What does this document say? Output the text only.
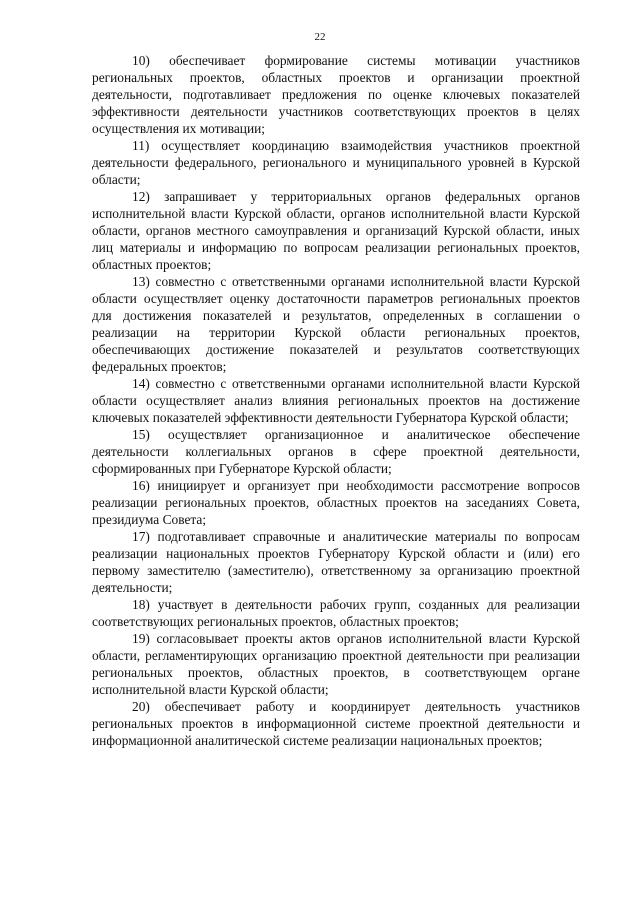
22

10) обеспечивает формирование системы мотивации участников региональных проектов, областных проектов и организации проектной деятельности, подготавливает предложения по оценке ключевых показателей эффективности деятельности участников соответствующих проектов в целях осуществления их мотивации;

11) осуществляет координацию взаимодействия участников проектной деятельности федерального, регионального и муниципального уровней в Курской области;

12) запрашивает у территориальных органов федеральных органов исполнительной власти Курской области, органов исполнительной власти Курской области, органов местного самоуправления и организаций Курской области, иных лиц материалы и информацию по вопросам реализации региональных проектов, областных проектов;

13) совместно с ответственными органами исполнительной власти Курской области осуществляет оценку достаточности параметров региональных проектов для достижения показателей и результатов, определенных в соглашении о реализации на территории Курской области региональных проектов, обеспечивающих достижение показателей и результатов соответствующих федеральных проектов;

14) совместно с ответственными органами исполнительной власти Курской области осуществляет анализ влияния региональных проектов на достижение ключевых показателей эффективности деятельности Губернатора Курской области;

15) осуществляет организационное и аналитическое обеспечение деятельности коллегиальных органов в сфере проектной деятельности, сформированных при Губернаторе Курской области;

16) инициирует и организует при необходимости рассмотрение вопросов реализации региональных проектов, областных проектов на заседаниях Совета, президиума Совета;

17) подготавливает справочные и аналитические материалы по вопросам реализации национальных проектов Губернатору Курской области и (или) его первому заместителю (заместителю), ответственному за организацию проектной деятельности;

18) участвует в деятельности рабочих групп, созданных для реализации соответствующих региональных проектов, областных проектов;

19) согласовывает проекты актов органов исполнительной власти Курской области, регламентирующих организацию проектной деятельности при реализации региональных проектов, областных проектов, в соответствующем органе исполнительной власти Курской области;

20) обеспечивает работу и координирует деятельность участников региональных проектов в информационной системе проектной деятельности и информационной аналитической системе реализации национальных проектов;
